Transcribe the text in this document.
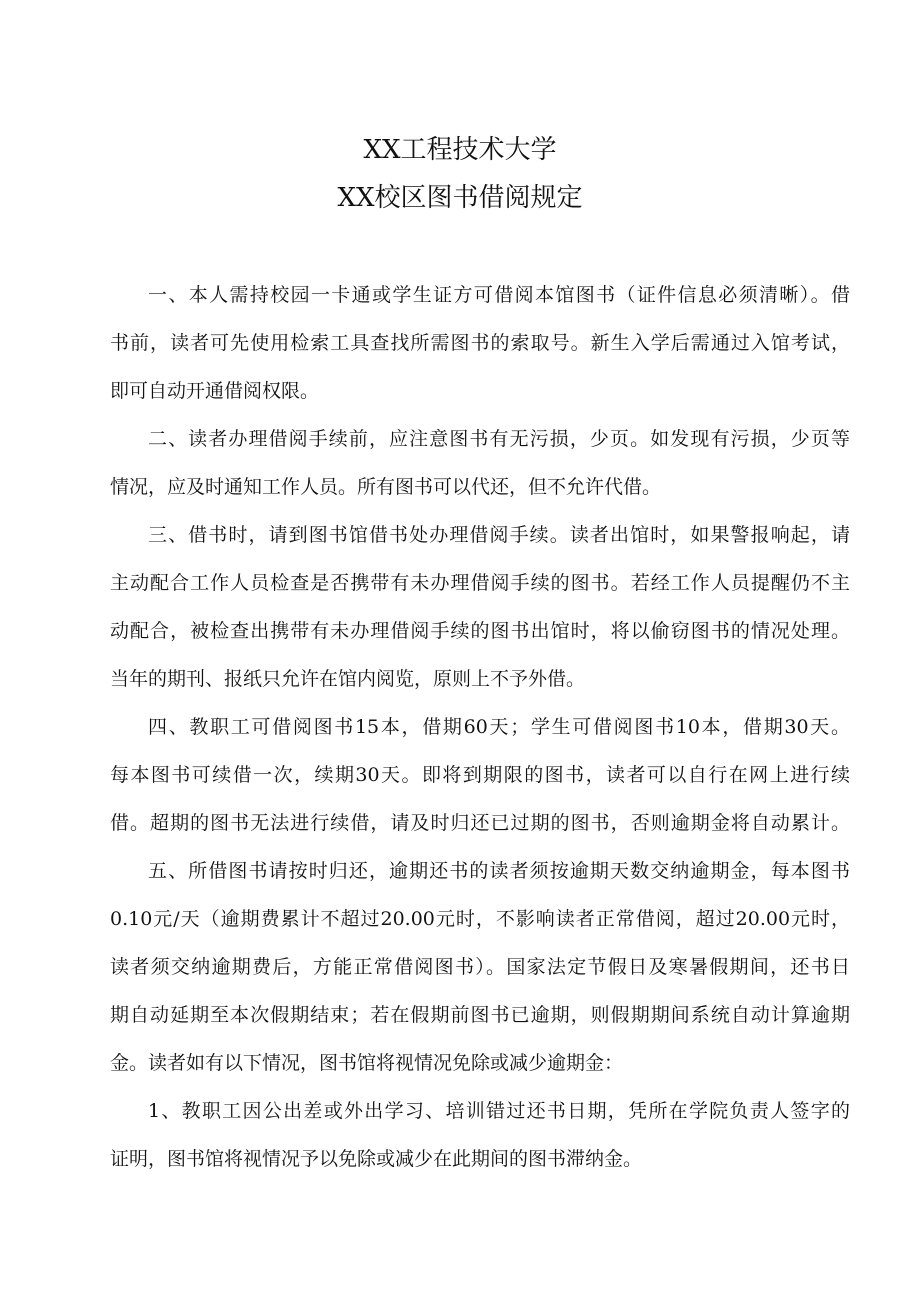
XX工程技术大学
XX校区图书借阅规定
一、本人需持校园一卡通或学生证方可借阅本馆图书（证件信息必须清晰）。借
书前，读者可先使用检索工具查找所需图书的索取号。新生入学后需通过入馆考试，
即可自动开通借阅权限。
二、读者办理借阅手续前，应注意图书有无污损，少页。如发现有污损，少页等
情况，应及时通知工作人员。所有图书可以代还，但不允许代借。
三、借书时，请到图书馆借书处办理借阅手续。读者出馆时，如果警报响起，请
主动配合工作人员检查是否携带有未办理借阅手续的图书。若经工作人员提醒仍不主
动配合，被检查出携带有未办理借阅手续的图书出馆时，将以偷窃图书的情况处理。
当年的期刊、报纸只允许在馆内阅览，原则上不予外借。
四、教职工可借阅图书15本，借期60天；学生可借阅图书10本，借期30天。
每本图书可续借一次，续期30天。即将到期限的图书，读者可以自行在网上进行续
借。超期的图书无法进行续借，请及时归还已过期的图书，否则逾期金将自动累计。
五、所借图书请按时归还，逾期还书的读者须按逾期天数交纳逾期金，每本图书
0.10元/天（逾期费累计不超过20.00元时，不影响读者正常借阅，超过20.00元时，
读者须交纳逾期费后，方能正常借阅图书）。国家法定节假日及寒暑假期间，还书日
期自动延期至本次假期结束；若在假期前图书已逾期，则假期期间系统自动计算逾期
金。读者如有以下情况，图书馆将视情况免除或减少逾期金：
1、教职工因公出差或外出学习、培训错过还书日期，凭所在学院负责人签字的
证明，图书馆将视情况予以免除或减少在此期间的图书滞纳金。
